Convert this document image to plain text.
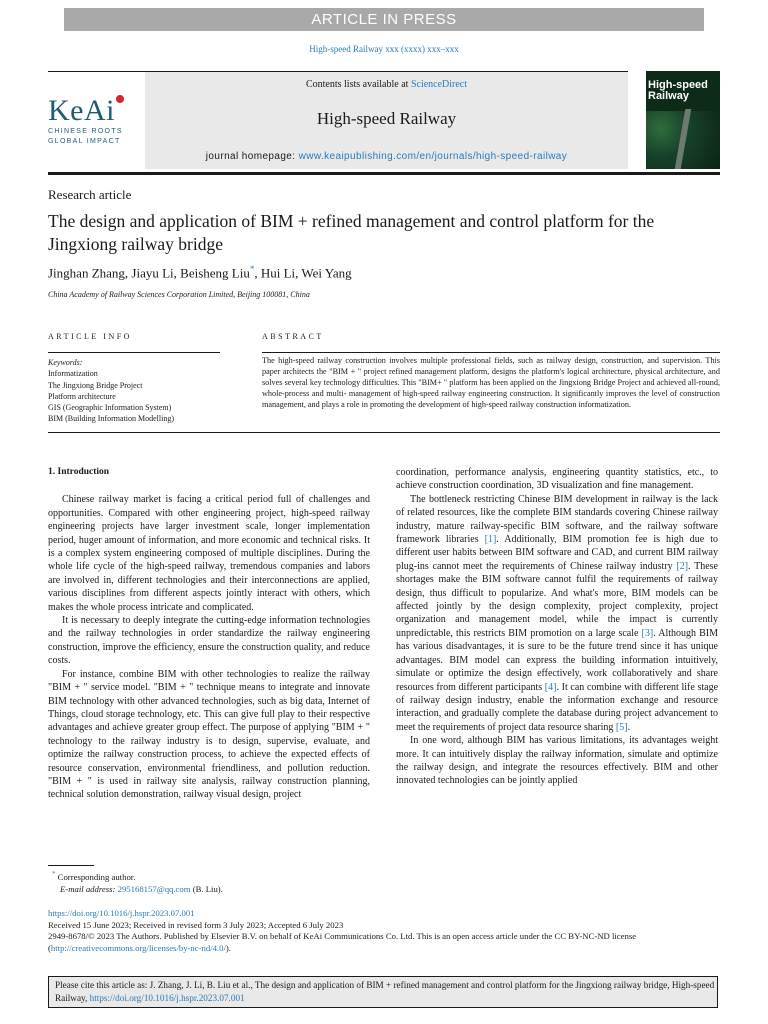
ARTICLE IN PRESS
High-speed Railway xxx (xxxx) xxx–xxx
KeAi
CHINESE ROOTS
GLOBAL IMPACT
Contents lists available at ScienceDirect
High-speed Railway
journal homepage: www.keaipublishing.com/en/journals/high-speed-railway
High-speed Railway
Research article
The design and application of BIM + refined management and control platform for the Jingxiong railway bridge
Jinghan Zhang, Jiayu Li, Beisheng Liu*, Hui Li, Wei Yang
China Academy of Railway Sciences Corporation Limited, Beijing 100081, China
ARTICLE INFO	ABSTRACT
Keywords:
Informatization
The Jingxiong Bridge Project
Platform architecture
GIS (Geographic Information System)
BIM (Building Information Modelling)
The high-speed railway construction involves multiple professional fields, such as railway design, construction, and supervision. This paper architects the "BIM + " project refined management platform, designs the platform's logical architecture, physical architecture, and solves several key technology difficulties. This "BIM+ " platform has been applied on the Jingxiong Bridge Project and achieved all-round, whole-process and multi- management of high-speed railway engineering construction. It significantly improves the level of construction management, and plays a role in promoting the development of high-speed railway construction informatization.

1. Introduction

Chinese railway market is facing a critical period full of challenges and opportunities. Compared with other engineering project, high-speed railway engineering projects have larger investment scale, longer implementation period, huger amount of information, and more economic and technical risks. It is a complex system engineering composed of multiple disciplines. During the whole life cycle of the high-speed railway, tremendous companies and labors are involved in, different technologies and their interconnections are applied, various disciplines from different aspects jointly interact with others, which makes the whole process intricate and complicated.

It is necessary to deeply integrate the cutting-edge information technologies and the railway technologies in order standardize the railway engineering construction, improve the efficiency, ensure the construction quality, and reduce costs.

For instance, combine BIM with other technologies to realize the railway "BIM + " service model. "BIM + " technique means to integrate and innovate BIM technology with other advanced technologies, such as big data, Internet of Things, cloud storage technology, etc. This can give full play to their respective advantages and achieve greater group effect. The purpose of applying "BIM + " technology to the railway industry is to design, supervise, evaluate, and optimize the railway construction process, to achieve the expected effects of resource conservation, environmental friendliness, and pollution reduction. "BIM + " is used in railway site analysis, railway construction planning, technical solution demonstration, railway visual design, project

coordination, performance analysis, engineering quantity statistics, etc., to achieve construction coordination, 3D visualization and fine management.

The bottleneck restricting Chinese BIM development in railway is the lack of related resources, like the complete BIM standards covering Chinese railway industry, mature railway-specific BIM software, and the railway software framework libraries [1]. Additionally, BIM promotion fee is high due to different user habits between BIM software and CAD, and current BIM railway plug-ins cannot meet the requirements of Chinese railway industry [2]. These shortages make the BIM software cannot fulfil the requirements of railway design, thus difficult to popularize. And what's more, BIM models can be affected jointly by the design complexity, project complexity, project organization and management model, while the impact is currently unpredictable, this restricts BIM promotion on a large scale [3]. Although BIM has various disadvantages, it is sure to be the future trend since it has unique advantages. BIM model can express the building information intuitively, simulate or optimize the design effectively, work collaboratively and share resources from different participants [4]. It can combine with different life stage of railway design industry, enable the information exchange and resource interaction, and gradually complete the database during project advancement to meet the requirements of project data resource sharing [5].

In one word, although BIM has various limitations, its advantages weight more. It can intuitively display the railway information, simulate and optimize the railway design, and integrate the resources effectively. BIM and other innovated technologies can be jointly applied

* Corresponding author.
E-mail address: 295168157@qq.com (B. Liu).
https://doi.org/10.1016/j.hspr.2023.07.001
Received 15 June 2023; Received in revised form 3 July 2023; Accepted 6 July 2023
2949-8678/© 2023 The Authors. Published by Elsevier B.V. on behalf of KeAi Communications Co. Ltd. This is an open access article under the CC BY-NC-ND license
(http://creativecommons.org/licenses/by-nc-nd/4.0/).
Please cite this article as: J. Zhang, J. Li, B. Liu et al., The design and application of BIM + refined management and control platform for the Jingxiong railway bridge, High-speed Railway, https://doi.org/10.1016/j.hspr.2023.07.001
